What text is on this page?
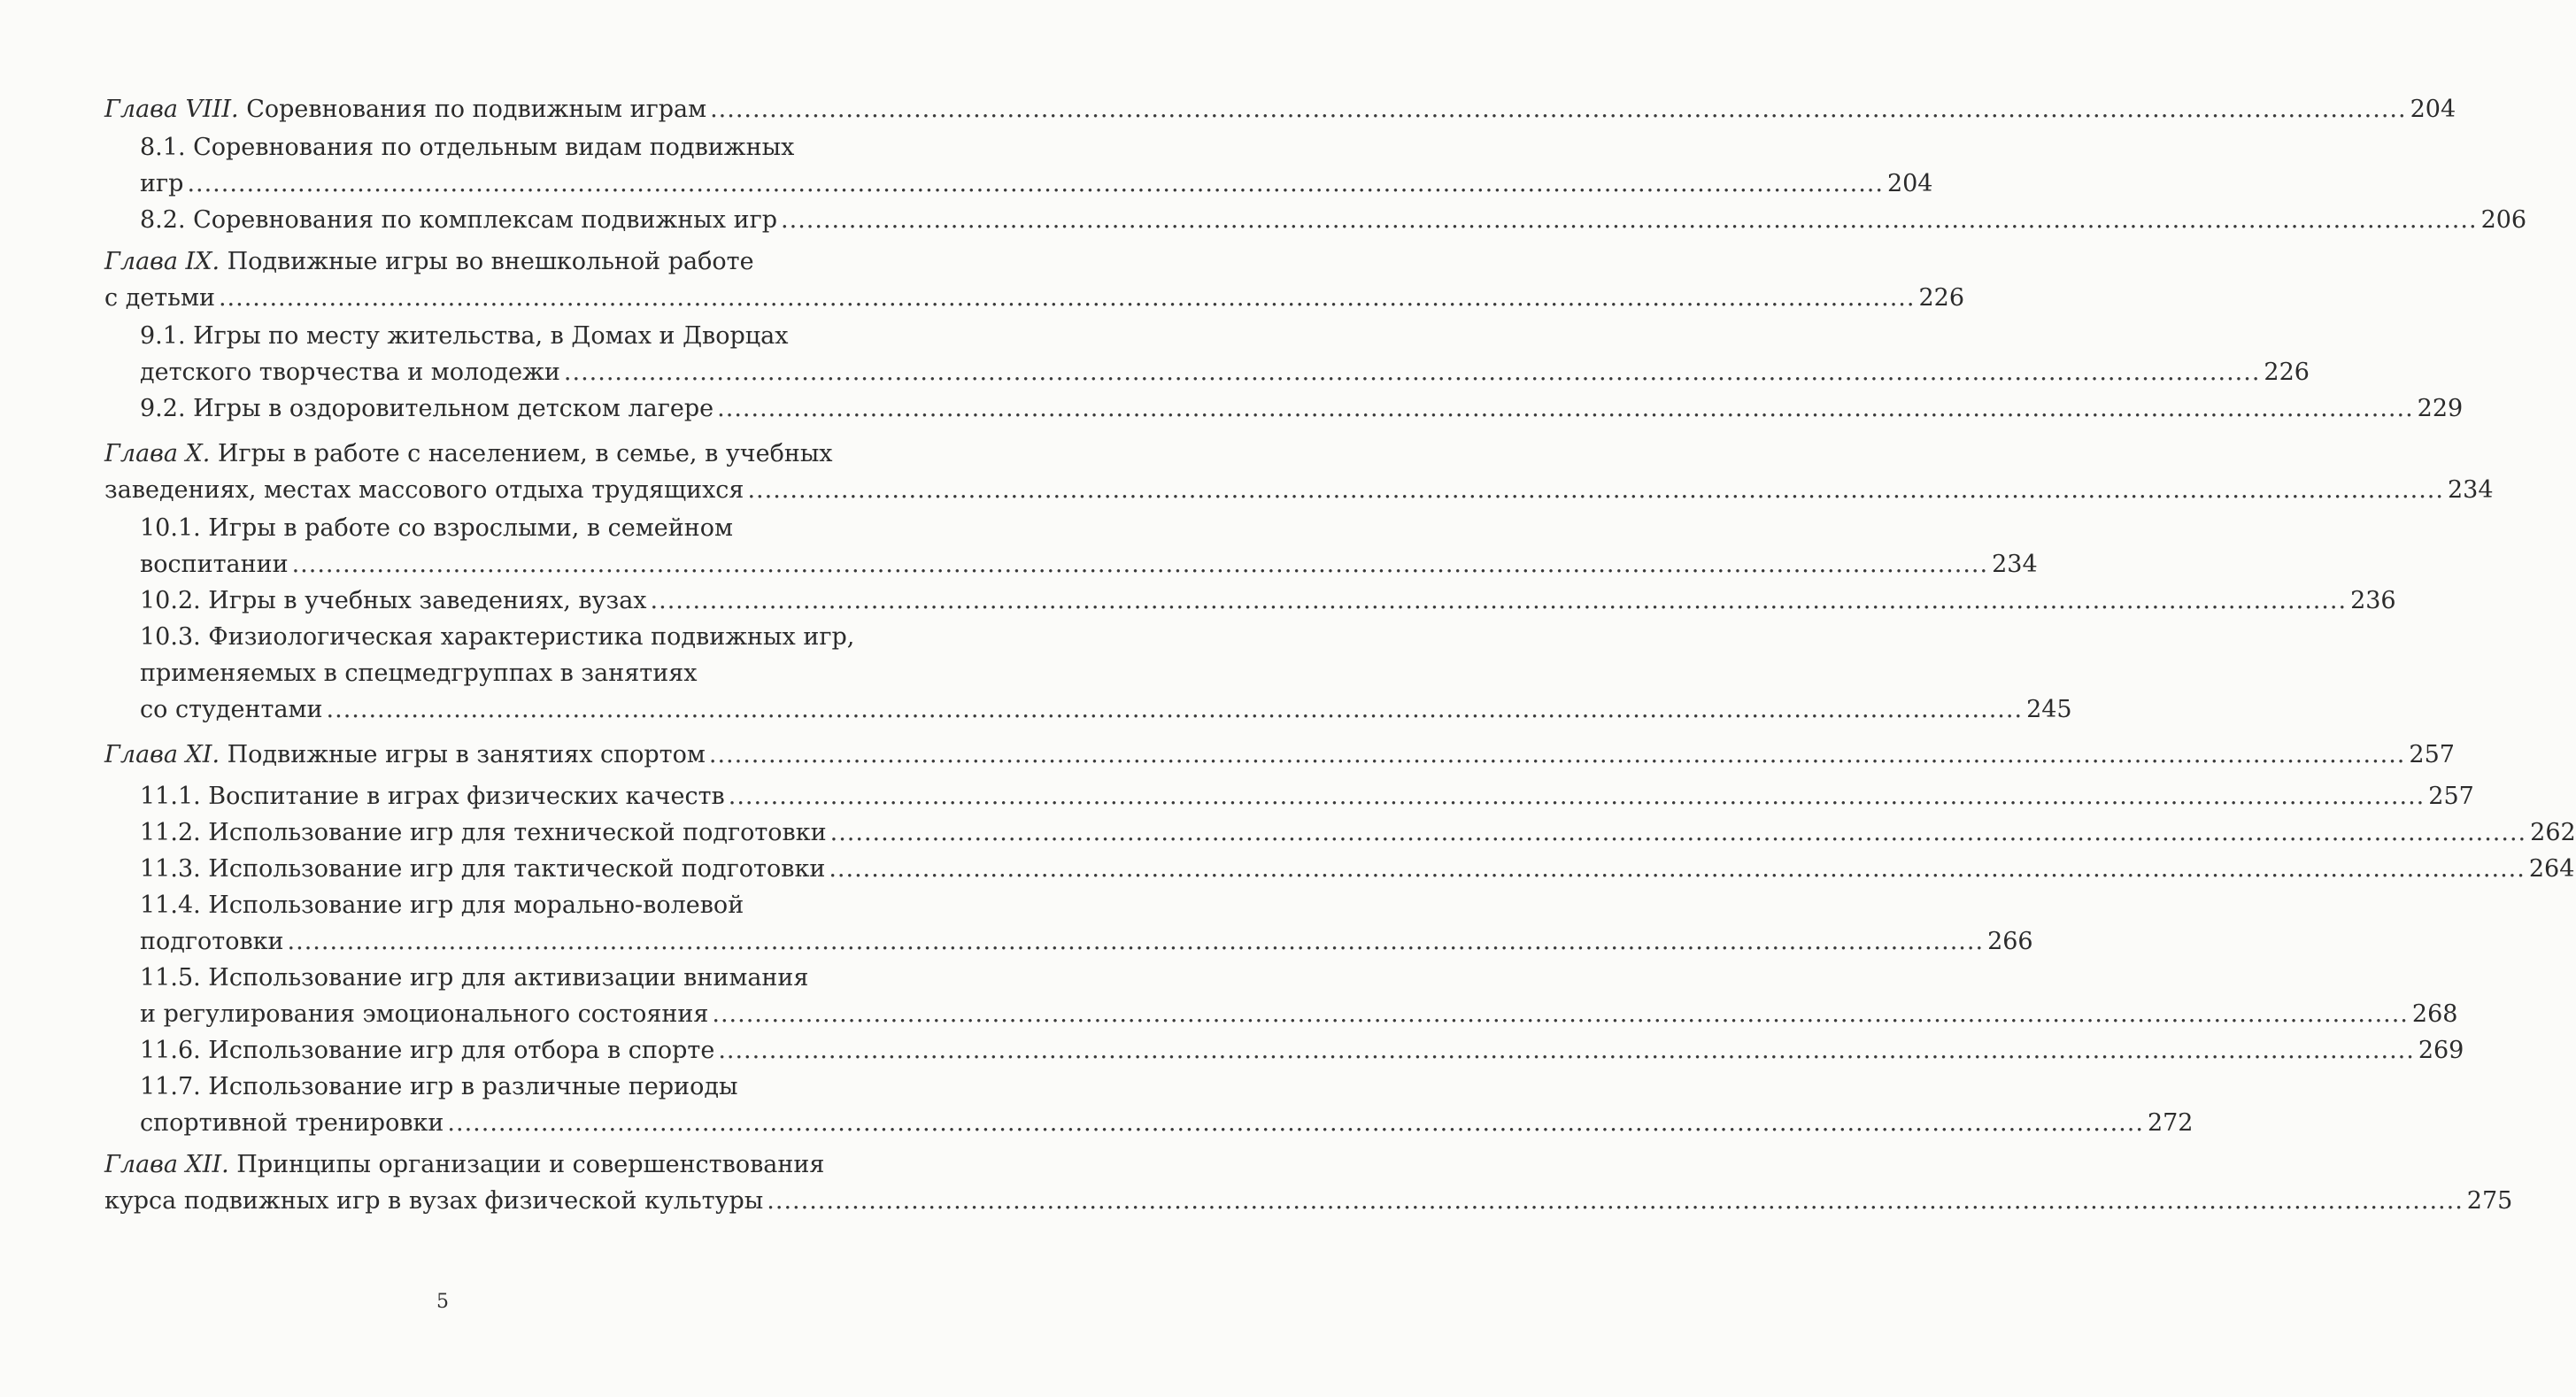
Глава VIII. Соревнования по подвижным играм ........................................................................................................................................................................................................ 204
8.1. Соревнования по отдельным видам подвижных
игр ........................................................................................................................................................................................................ 204
8.2. Соревнования по комплексам подвижных игр ........................................................................................................................................................................................................ 206
Глава IX. Подвижные игры во внешкольной работе
с детьми ........................................................................................................................................................................................................ 226
9.1. Игры по месту жительства, в Домах и Дворцах
детского творчества и молодежи ........................................................................................................................................................................................................ 226
9.2. Игры в оздоровительном детском лагере ........................................................................................................................................................................................................ 229
Глава X. Игры в работе с населением, в семье, в учебных
заведениях, местах массового отдыха трудящихся ........................................................................................................................................................................................................ 234
10.1. Игры в работе со взрослыми, в семейном
воспитании ........................................................................................................................................................................................................ 234
10.2. Игры в учебных заведениях, вузах ........................................................................................................................................................................................................ 236
10.3. Физиологическая характеристика подвижных игр,
применяемых в спецмедгруппах в занятиях
со студентами ........................................................................................................................................................................................................ 245
Глава XI. Подвижные игры в занятиях спортом ........................................................................................................................................................................................................ 257
11.1. Воспитание в играх физических качеств ........................................................................................................................................................................................................ 257
11.2. Использование игр для технической подготовки ........................................................................................................................................................................................................ 262
11.3. Использование игр для тактической подготовки ........................................................................................................................................................................................................ 264
11.4. Использование игр для морально-волевой
подготовки ........................................................................................................................................................................................................ 266
11.5. Использование игр для активизации внимания
и регулирования эмоционального состояния ........................................................................................................................................................................................................ 268
11.6. Использование игр для отбора в спорте ........................................................................................................................................................................................................ 269
11.7. Использование игр в различные периоды
спортивной тренировки ........................................................................................................................................................................................................ 272
Глава XII. Принципы организации и совершенствования
курса подвижных игр в вузах физической культуры ........................................................................................................................................................................................................ 275
5
